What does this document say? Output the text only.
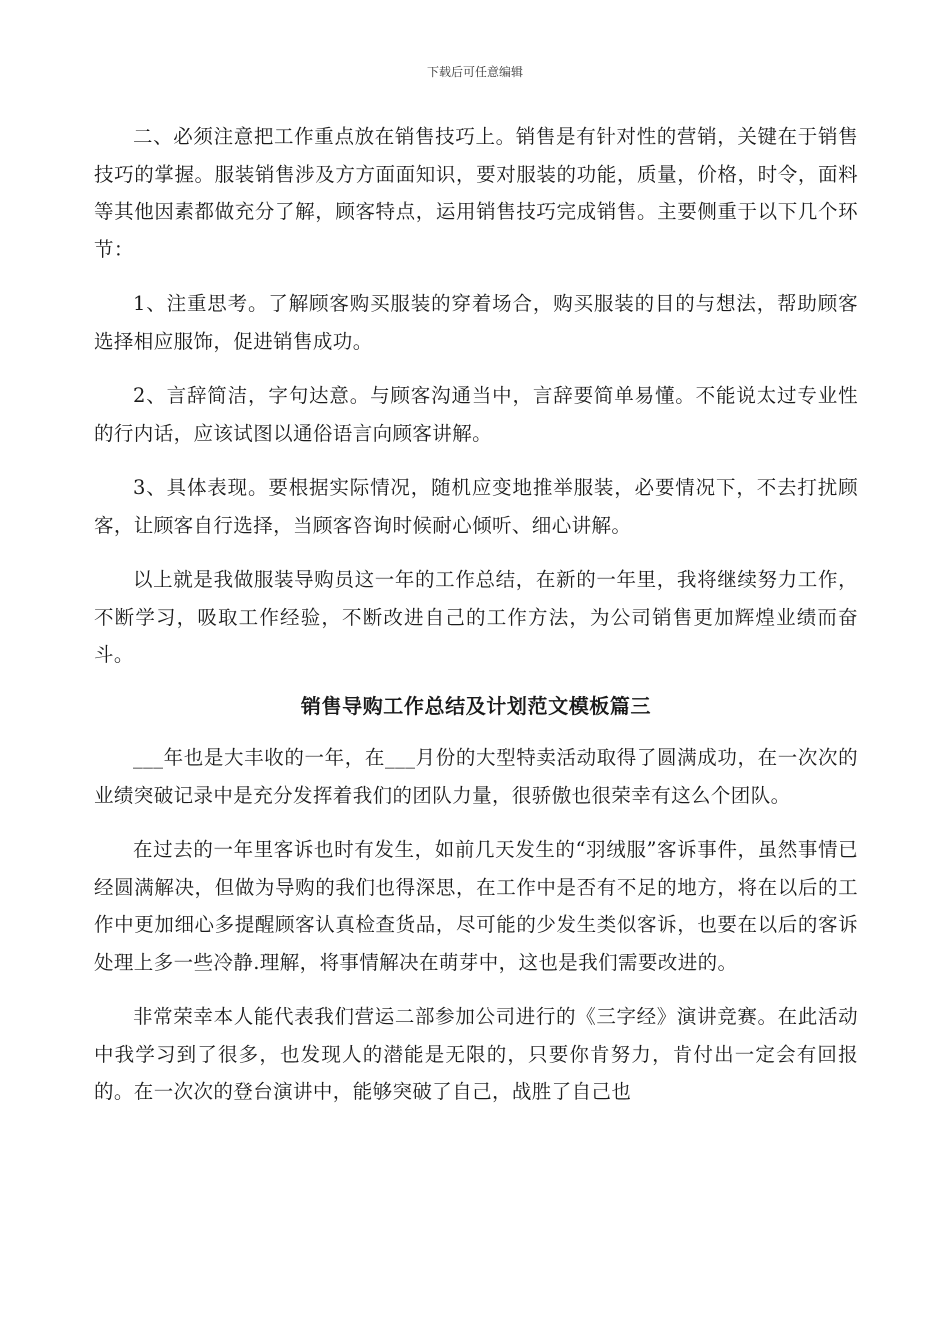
下载后可任意编辑

二、必须注意把工作重点放在销售技巧上。销售是有针对性的营销，关键在于销售技巧的掌握。服装销售涉及方方面面知识，要对服装的功能，质量，价格，时令，面料等其他因素都做充分了解，顾客特点，运用销售技巧完成销售。主要侧重于以下几个环节：

1、注重思考。了解顾客购买服装的穿着场合，购买服装的目的与想法，帮助顾客选择相应服饰，促进销售成功。

2、言辞简洁，字句达意。与顾客沟通当中，言辞要简单易懂。不能说太过专业性的行内话，应该试图以通俗语言向顾客讲解。

3、具体表现。要根据实际情况，随机应变地推举服装，必要情况下，不去打扰顾客，让顾客自行选择，当顾客咨询时候耐心倾听、细心讲解。

以上就是我做服装导购员这一年的工作总结，在新的一年里，我将继续努力工作，不断学习，吸取工作经验，不断改进自己的工作方法，为公司销售更加辉煌业绩而奋斗。

销售导购工作总结及计划范文模板篇三

___年也是大丰收的一年，在___月份的大型特卖活动取得了圆满成功，在一次次的业绩突破记录中是充分发挥着我们的团队力量，很骄傲也很荣幸有这么个团队。

在过去的一年里客诉也时有发生，如前几天发生的“羽绒服”客诉事件，虽然事情已经圆满解决，但做为导购的我们也得深思，在工作中是否有不足的地方，将在以后的工作中更加细心多提醒顾客认真检查货品，尽可能的少发生类似客诉，也要在以后的客诉处理上多一些冷静.理解，将事情解决在萌芽中，这也是我们需要改进的。

非常荣幸本人能代表我们营运二部参加公司进行的《三字经》演讲竞赛。在此活动中我学习到了很多，也发现人的潜能是无限的，只要你肯努力，肯付出一定会有回报的。在一次次的登台演讲中，能够突破了自己，战胜了自己也
